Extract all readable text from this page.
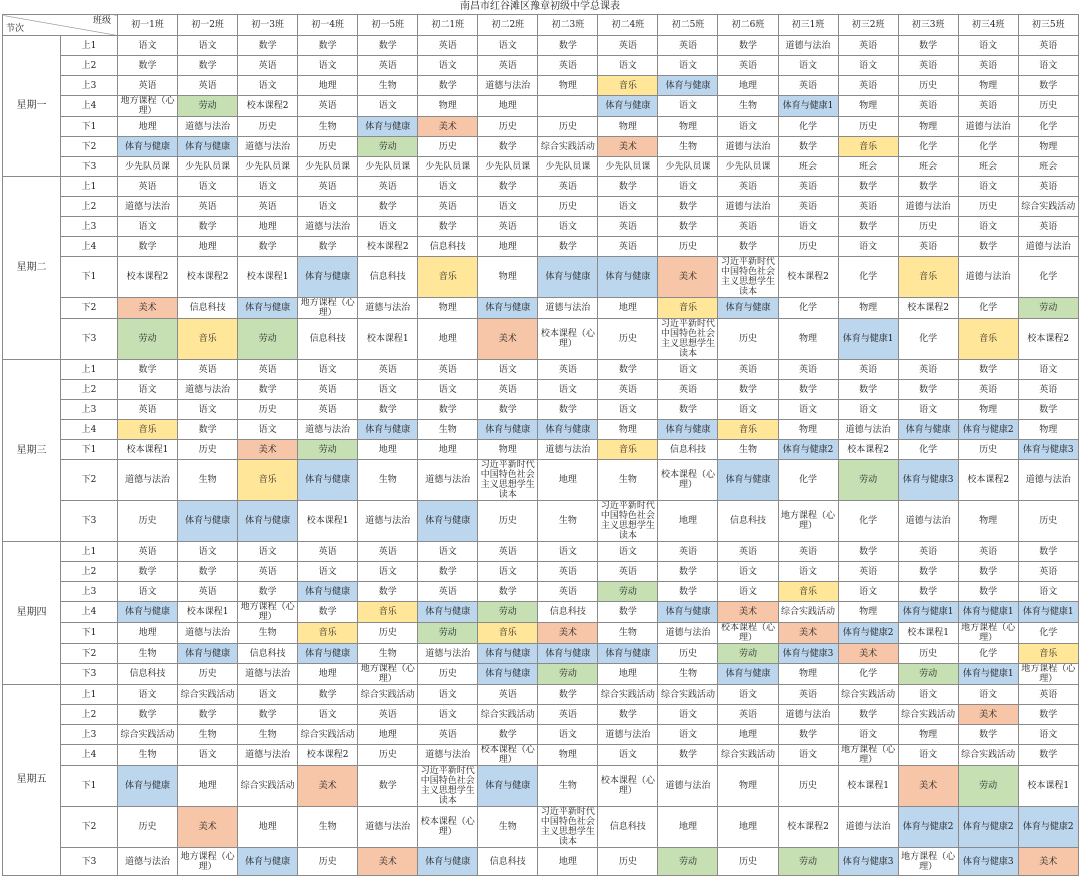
南昌市红谷滩区豫章初级中学总课表
班级
节次		初一1班	初一2班	初一3班	初一4班	初一5班	初二1班	初二2班	初二3班	初二4班	初二5班	初二6班	初三1班	初三2班	初三3班	初三4班	初三5班
星期一	上1	语文	语文	数学	数学	数学	英语	语文	数学	英语	英语	数学	道德与法治	英语	数学	语文	英语
	上2	数学	数学	英语	语文	英语	语文	英语	英语	语文	语文	英语	语文	语文	英语	英语	语文
	上3	英语	英语	语文	地理	生物	数学	道德与法治	物理	音乐	体育与健康	地理	英语	英语	历史	物理	数学
	上4	地方课程（心理）	劳动	校本课程2	英语	语文	物理	地理		体育与健康	语文	生物	体育与健康1	物理	英语	英语	历史
	下1	地理	道德与法治	历史	生物	体育与健康	美术	历史	历史	物理	物理	语文	化学	历史	物理	道德与法治	化学
	下2	体育与健康	体育与健康	道德与法治	历史	劳动	历史	数学	综合实践活动	美术	生物	道德与法治	数学	音乐	化学	化学	物理
	下3	少先队员课	少先队员课	少先队员课	少先队员课	少先队员课	少先队员课	少先队员课	少先队员课	少先队员课	少先队员课	少先队员课	班会	班会	班会	班会	班会
星期二	上1	英语	语文	语文	英语	英语	语文	数学	英语	数学	语文	英语	英语	数学	数学	语文	英语
	上2	道德与法治	英语	英语	语文	数学	英语	语文	历史	语文	数学	道德与法治	英语	英语	道德与法治	历史	综合实践活动
	上3	语文	数学	地理	道德与法治	语文	数学	英语	语文	英语	数学	英语	语文	数学	历史	语文	英语
	上4	数学	地理	数学	数学	校本课程2	信息科技	地理	数学	英语	历史	数学	历史	语文	英语	数学	道德与法治
	下1	校本课程2	校本课程2	校本课程1	体育与健康	信息科技	音乐	物理	体育与健康	体育与健康	美术	习近平新时代中国特色社会主义思想学生读本	校本课程2	化学	音乐	道德与法治	化学
	下2	美术	信息科技	体育与健康	地方课程（心理）	道德与法治	物理	体育与健康	道德与法治	地理	音乐	体育与健康	化学	物理	校本课程2	化学	劳动
	下3	劳动	音乐	劳动	信息科技	校本课程1	地理	美术	校本课程（心理）	历史	习近平新时代中国特色社会主义思想学生读本	历史	物理	体育与健康1	化学	音乐	校本课程2
星期三	上1	数学	英语	英语	语文	英语	英语	语文	英语	数学	语文	英语	英语	英语	英语	数学	语文
	上2	语文	道德与法治	数学	英语	语文	语文	英语	语文	英语	英语	数学	数学	数学	数学	英语	英语
	上3	英语	语文	历史	英语	数学	数学	数学	数学	语文	数学	语文	语文	语文	语文	物理	数学
	上4	音乐	数学	语文	道德与法治	体育与健康	生物	体育与健康	体育与健康	物理	体育与健康	音乐	物理	道德与法治	体育与健康	体育与健康2	物理
	下1	校本课程1	历史	美术	劳动	地理	地理	物理	道德与法治	音乐	信息科技	生物	体育与健康2	校本课程2	化学	历史	体育与健康3
	下2	道德与法治	生物	音乐	体育与健康	生物	道德与法治	习近平新时代中国特色社会主义思想学生读本	地理	生物	校本课程（心理）	体育与健康	化学	劳动	体育与健康3	校本课程2	道德与法治
	下3	历史	体育与健康	体育与健康	校本课程1	道德与法治	体育与健康	历史	生物	习近平新时代中国特色社会主义思想学生读本	地理	信息科技	地方课程（心理）	化学	道德与法治	物理	历史
星期四	上1	英语	语文	语文	英语	英语	语文	英语	语文	语文	英语	英语	英语	数学	英语	英语	数学
	上2	数学	数学	英语	语文	语文	数学	语文	英语	英语	数学	语文	语文	英语	数学	数学	英语
	上3	语文	英语	数学	体育与健康	数学	英语	数学	英语	劳动	数学	语文	音乐	语文	数学	数学	语文
	上4	体育与健康	校本课程1	地方课程（心理）	数学	音乐	体育与健康	劳动	信息科技	数学	体育与健康	美术	综合实践活动	物理	体育与健康1	体育与健康1	体育与健康1
	下1	地理	道德与法治	生物	音乐	历史	劳动	音乐	美术	生物	道德与法治	校本课程（心理）	美术	体育与健康2	校本课程1	地方课程（心理）	化学
	下2	生物	体育与健康	信息科技	体育与健康	生物	道德与法治	体育与健康	体育与健康	体育与健康	历史	劳动	体育与健康3	美术	历史	化学	音乐
	下3	信息科技	历史	道德与法治	地理	地方课程（心理）	历史	体育与健康	劳动	地理	生物	体育与健康	物理	化学	劳动	体育与健康1	地方课程（心理）
星期五	上1	语文	综合实践活动	语文	数学	综合实践活动	语文	英语	数学	综合实践活动	综合实践活动	语文	英语	综合实践活动	语文	语文	英语
	上2	数学	数学	数学	语文	英语	语文	综合实践活动	英语	数学	语文	英语	道德与法治	数学	综合实践活动	美术	数学
	上3	综合实践活动	生物	生物	综合实践活动	地理	英语	数学	语文	道德与法治	语文	地理	数学	语文	物理	数学	语文
	上4	生物	语文	道德与法治	校本课程2	历史	道德与法治	校本课程（心理）	物理	语文	数学	综合实践活动	语文	地方课程（心理）	语文	综合实践活动	数学
	下1	体育与健康	地理	综合实践活动	美术	数学	习近平新时代中国特色社会主义思想学生读本	体育与健康	生物	校本课程（心理）	道德与法治	物理	历史	校本课程1	美术	劳动	校本课程1
	下2	历史	美术	地理	生物	道德与法治	校本课程（心理）	生物	习近平新时代中国特色社会主义思想学生读本	信息科技	地理	地理	校本课程2	道德与法治	体育与健康2	体育与健康2	体育与健康2
	下3	道德与法治	地方课程（心理）	体育与健康	历史	美术	体育与健康	信息科技	地理	历史	劳动	历史	劳动	体育与健康3	地方课程（心理）	体育与健康3	美术
